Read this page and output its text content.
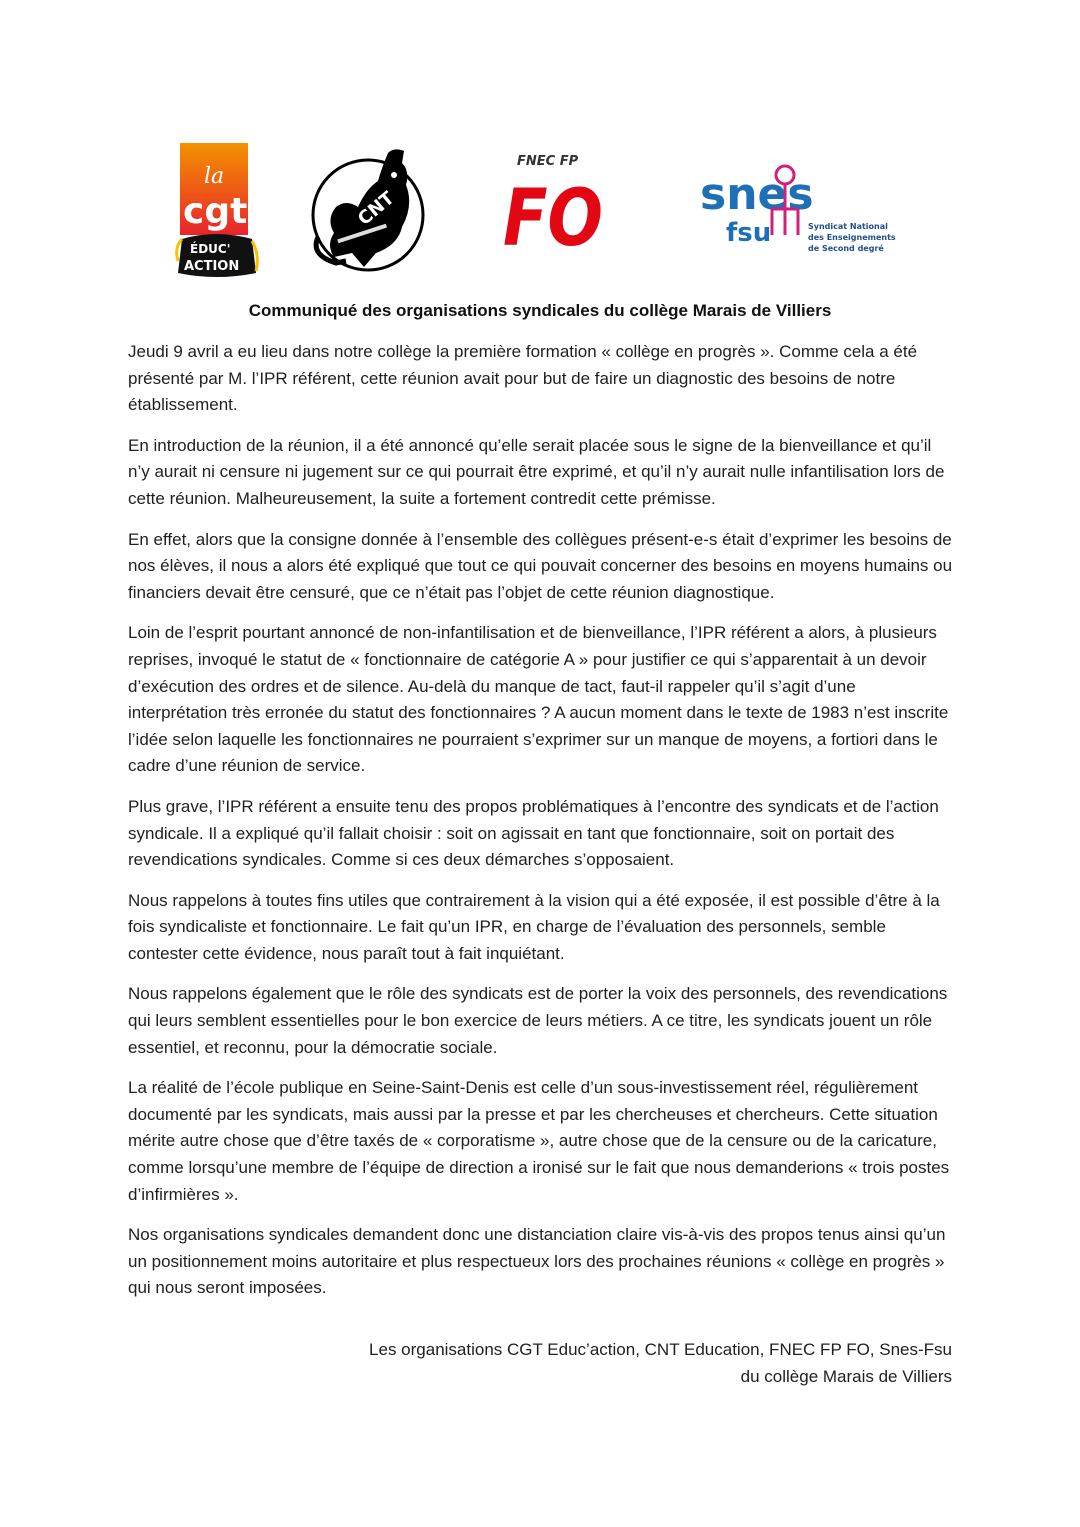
la
cgt
ÉDUC'
ACTION
CNT
FNEC FP
FO snes
fsu	Syndicat National
des Enseignements
de Second degré
Communiqué des organisations syndicales du collège Marais de Villiers

Jeudi 9 avril a eu lieu dans notre collège la première formation « collège en progrès ». Comme cela a été présenté par M. l’IPR référent, cette réunion avait pour but de faire un diagnostic des besoins de notre établissement.

En introduction de la réunion, il a été annoncé qu’elle serait placée sous le signe de la bienveillance et qu’il n’y aurait ni censure ni jugement sur ce qui pourrait être exprimé, et qu’il n’y aurait nulle infantilisation lors de cette réunion. Malheureusement, la suite a fortement contredit cette prémisse.

En effet, alors que la consigne donnée à l’ensemble des collègues présent-e-s était d’exprimer les besoins de nos élèves, il nous a alors été expliqué que tout ce qui pouvait concerner des besoins en moyens humains ou financiers devait être censuré, que ce n’était pas l’objet de cette réunion diagnostique.

Loin de l’esprit pourtant annoncé de non-infantilisation et de bienveillance, l’IPR référent a alors, à plusieurs reprises, invoqué le statut de « fonctionnaire de catégorie A » pour justifier ce qui s’apparentait à un devoir d’exécution des ordres et de silence. Au-delà du manque de tact, faut-il rappeler qu’il s’agit d’une interprétation très erronée du statut des fonctionnaires ? A aucun moment dans le texte de 1983 n’est inscrite l’idée selon laquelle les fonctionnaires ne pourraient s’exprimer sur un manque de moyens, a fortiori dans le cadre d’une réunion de service.

Plus grave, l’IPR référent a ensuite tenu des propos problématiques à l’encontre des syndicats et de l’action syndicale. Il a expliqué qu’il fallait choisir : soit on agissait en tant que fonctionnaire, soit on portait des revendications syndicales. Comme si ces deux démarches s’opposaient.

Nous rappelons à toutes fins utiles que contrairement à la vision qui a été exposée, il est possible d’être à la fois syndicaliste et fonctionnaire. Le fait qu’un IPR, en charge de l’évaluation des personnels, semble contester cette évidence, nous paraît tout à fait inquiétant.

Nous rappelons également que le rôle des syndicats est de porter la voix des personnels, des revendications qui leurs semblent essentielles pour le bon exercice de leurs métiers. A ce titre, les syndicats jouent un rôle essentiel, et reconnu, pour la démocratie sociale.

La réalité de l’école publique en Seine-Saint-Denis est celle d’un sous-investissement réel, régulièrement documenté par les syndicats, mais aussi par la presse et par les chercheuses et chercheurs. Cette situation mérite autre chose que d’être taxés de « corporatisme », autre chose que de la censure ou de la caricature, comme lorsqu’une membre de l’équipe de direction a ironisé sur le fait que nous demanderions « trois postes d’infirmières ».

Nos organisations syndicales demandent donc une distanciation claire vis-à-vis des propos tenus ainsi qu’un un positionnement moins autoritaire et plus respectueux lors des prochaines réunions « collège en progrès » qui nous seront imposées.

Les organisations CGT Educ’action, CNT Education, FNEC FP FO, Snes-Fsu
du collège Marais de Villiers
